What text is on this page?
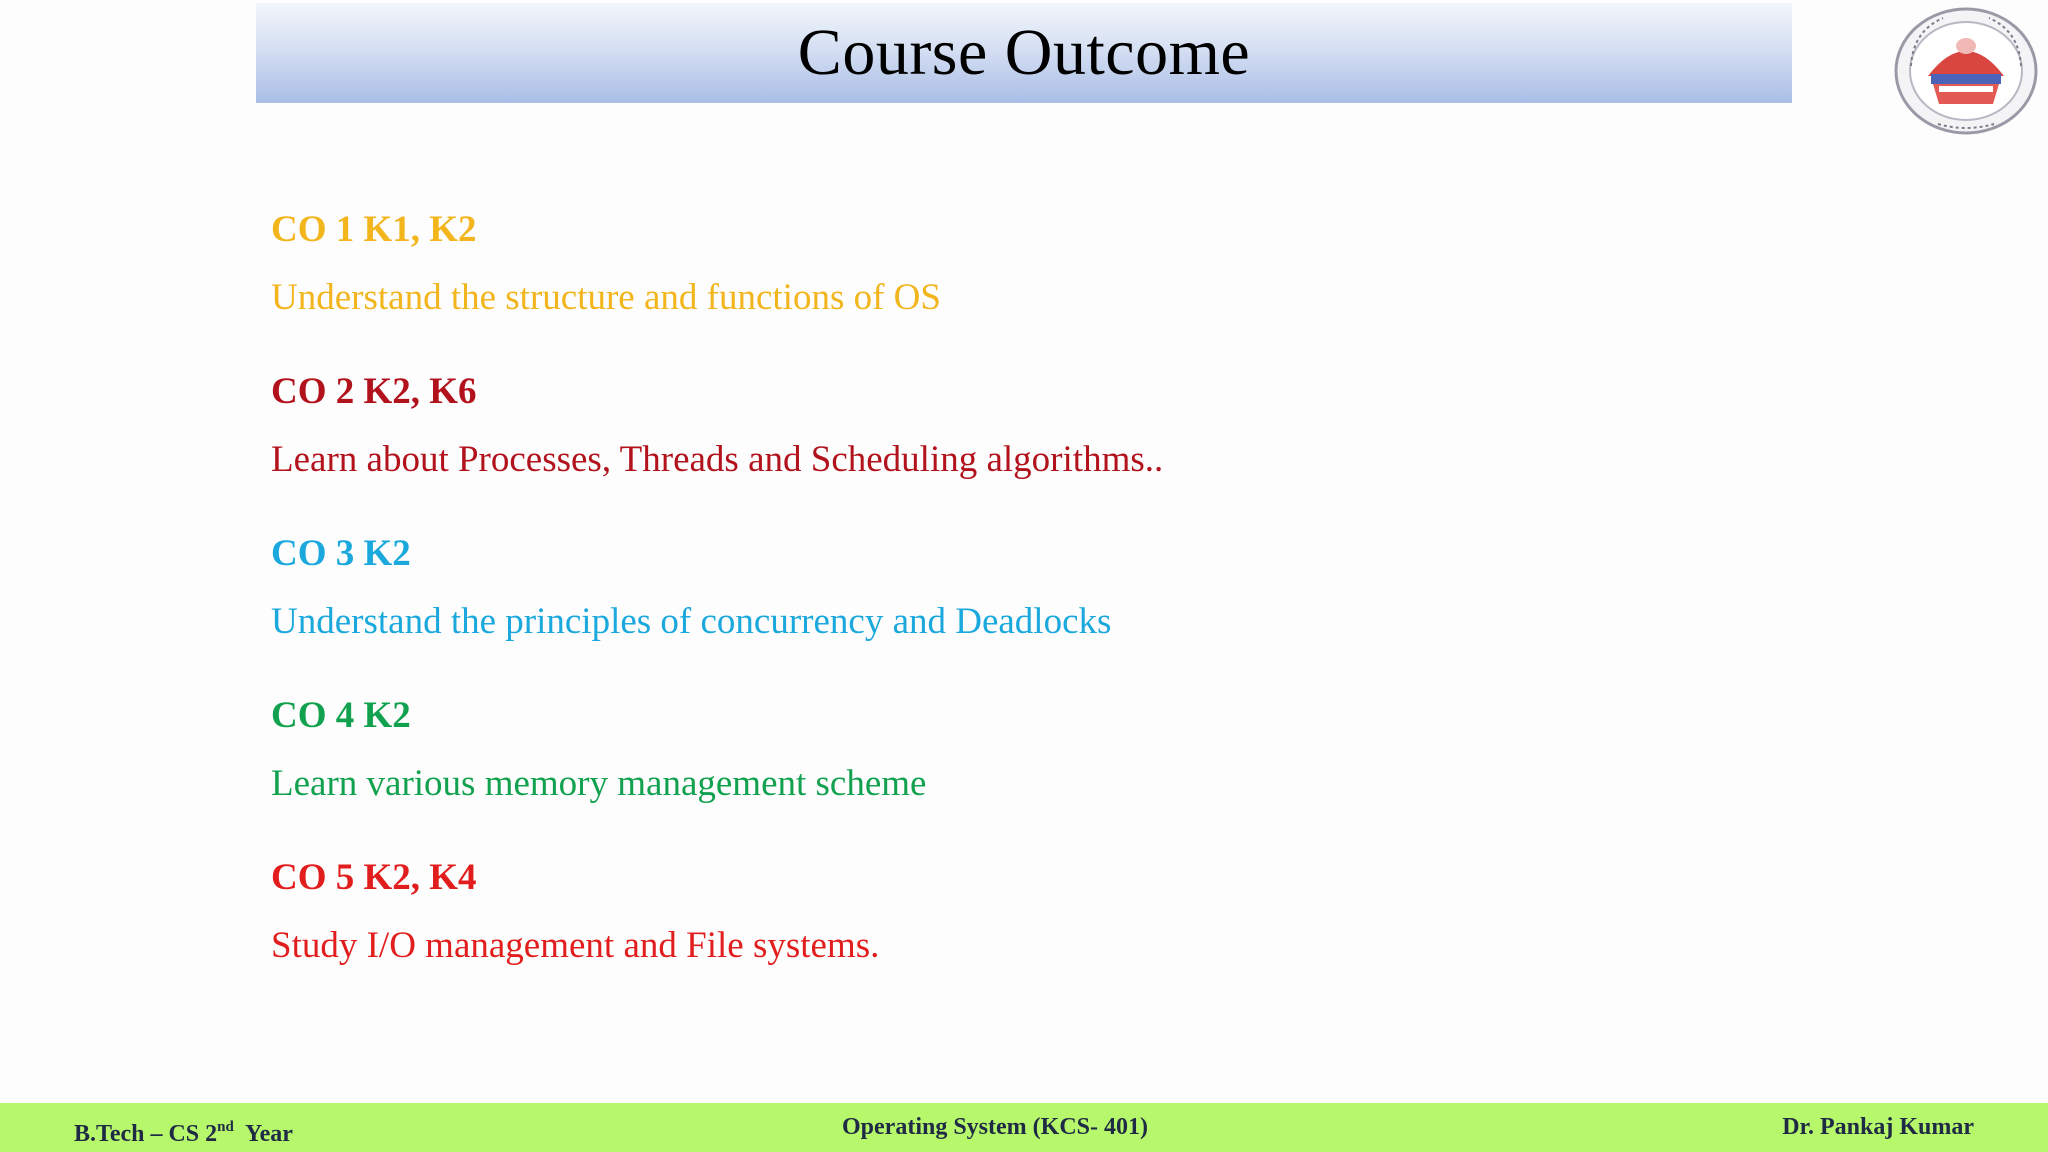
Course Outcome
CO 1 K1, K2
Understand the structure and functions of OS
CO 2 K2, K6
Learn about Processes, Threads and Scheduling algorithms..
CO 3 K2
Understand the principles of concurrency and Deadlocks
CO 4 K2
Learn various memory management scheme
CO 5 K2, K4
Study I/O management and File systems.
B.Tech – CS 2nd  Year	Operating System (KCS- 401)	Dr. Pankaj Kumar
